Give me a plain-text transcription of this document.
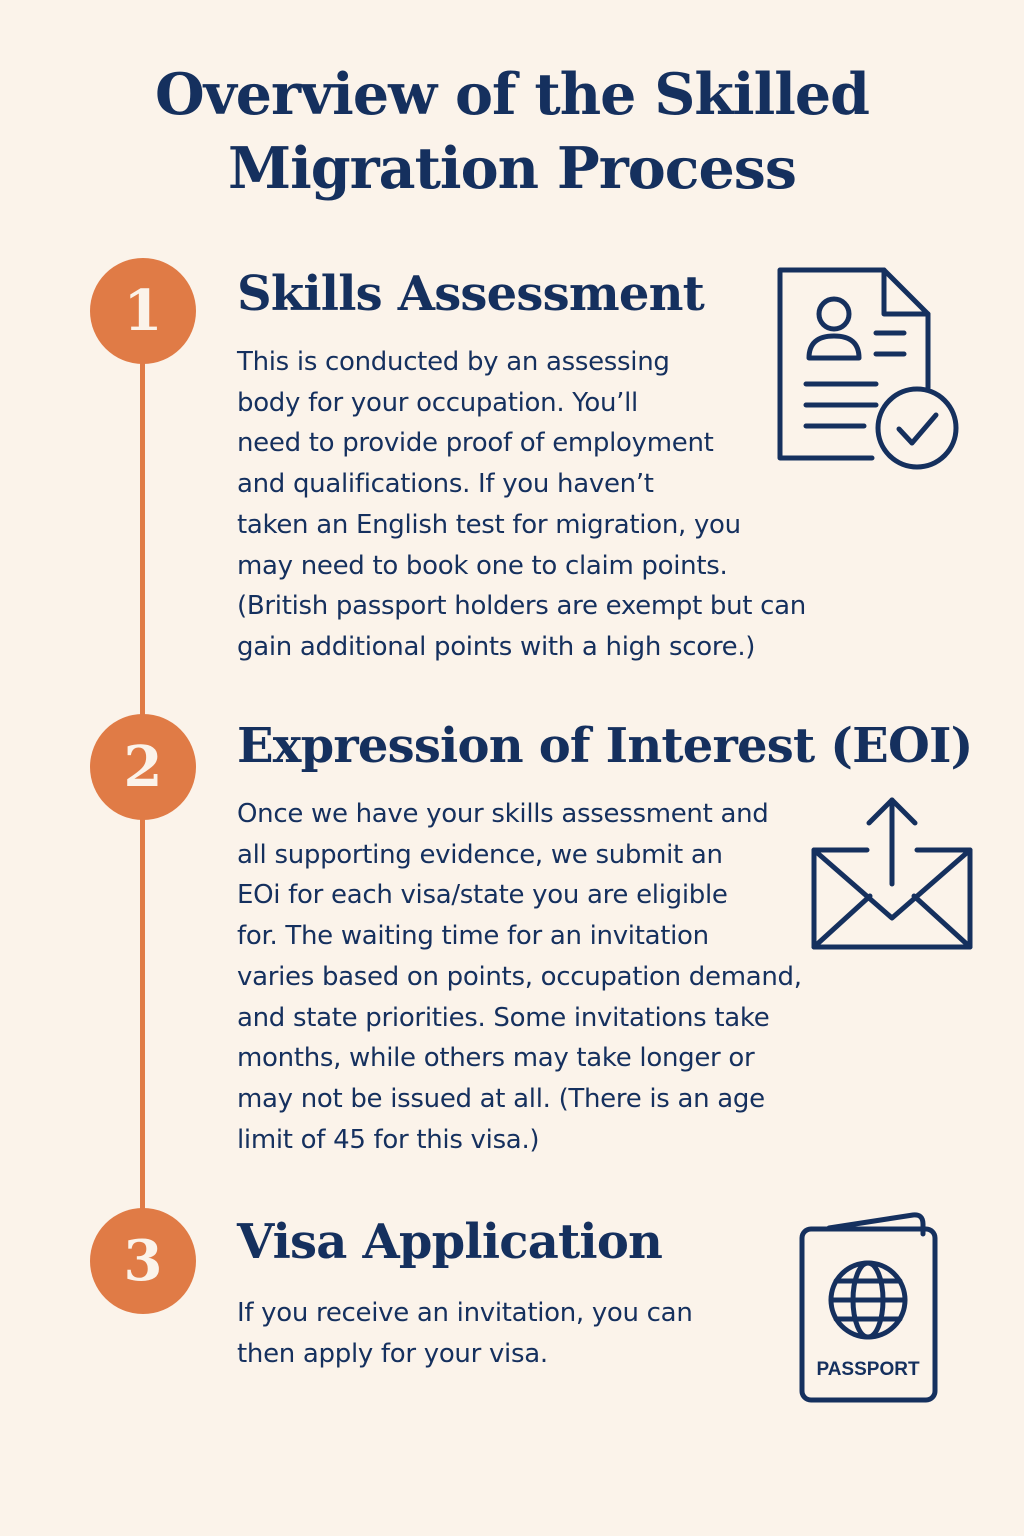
Overview of the Skilled
Migration Process
1	Skills Assessment
This is conducted by an assessing
body for your occupation. You’ll
need to provide proof of employment
and qualifications. If you haven’t
taken an English test for migration, you
may need to book one to claim points.
(British passport holders are exempt but can
gain additional points with a high score.)
2	Expression of Interest (EOI)
Once we have your skills assessment and
all supporting evidence, we submit an
EOi for each visa/state you are eligible
for. The waiting time for an invitation
varies based on points, occupation demand,
and state priorities. Some invitations take
months, while others may take longer or
may not be issued at all. (There is an age
limit of 45 for this visa.)
3	Visa Application
If you receive an invitation, you can
then apply for your visa.
PASSPORT
